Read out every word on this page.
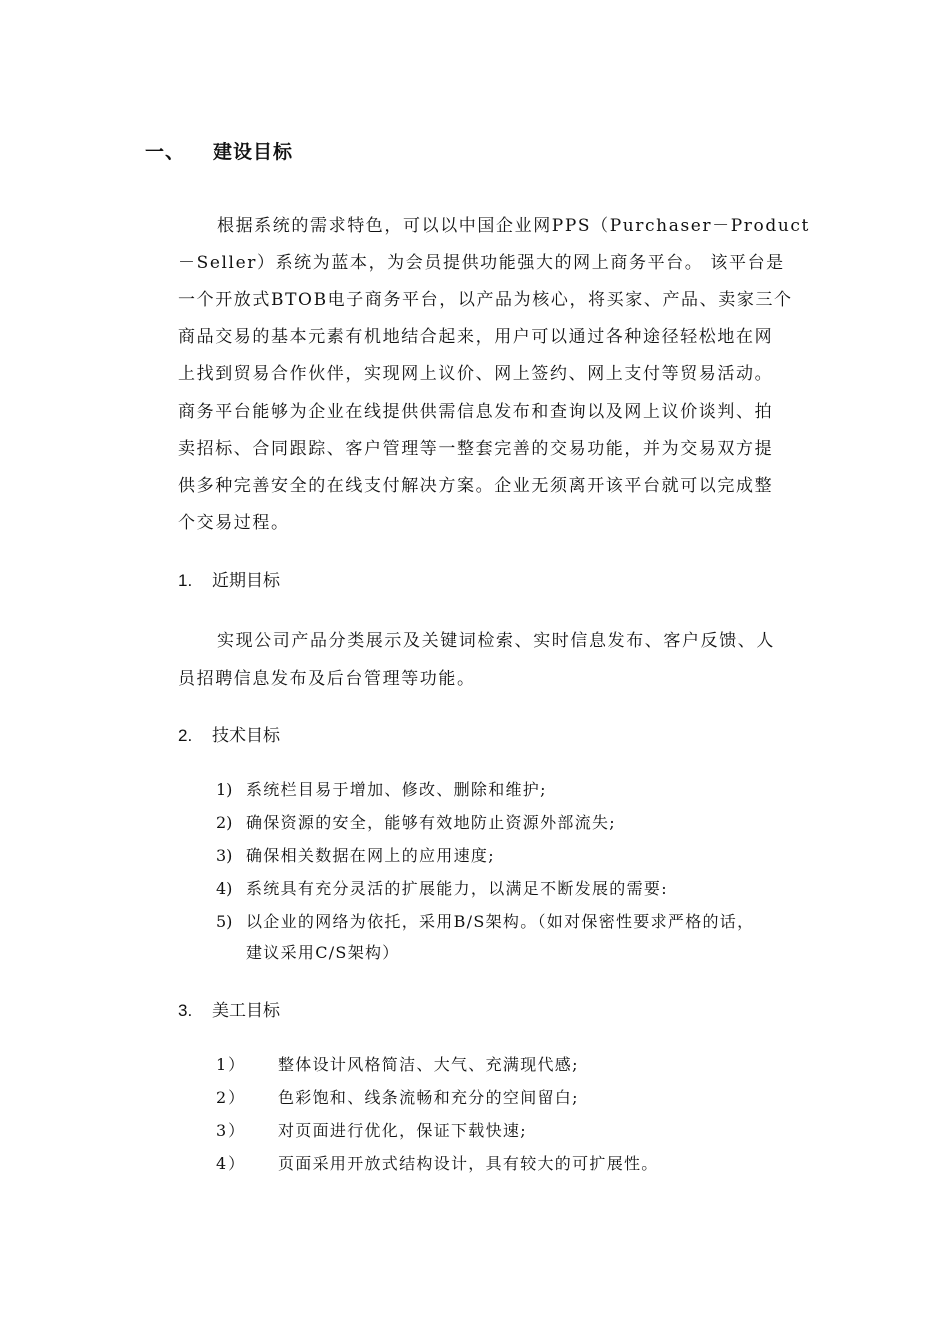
一、 建设目标
根据系统的需求特色，可以以中国企业网PPS（Purchaser－Product
－Seller）系统为蓝本，为会员提供功能强大的网上商务平台。 该平台是
一个开放式BTOB电子商务平台，以产品为核心，将买家、产品、卖家三个
商品交易的基本元素有机地结合起来，用户可以通过各种途径轻松地在网
上找到贸易合作伙伴，实现网上议价、网上签约、网上支付等贸易活动。
商务平台能够为企业在线提供供需信息发布和查询以及网上议价谈判、拍
卖招标、合同跟踪、客户管理等一整套完善的交易功能，并为交易双方提
供多种完善安全的在线支付解决方案。企业无须离开该平台就可以完成整
个交易过程。
1. 近期目标
实现公司产品分类展示及关键词检索、实时信息发布、客户反馈、人
员招聘信息发布及后台管理等功能。
2. 技术目标
1) 系统栏目易于增加、修改、删除和维护;
2) 确保资源的安全，能够有效地防止资源外部流失;
3) 确保相关数据在网上的应用速度;
4) 系统具有充分灵活的扩展能力，以满足不断发展的需要:
5) 以企业的网络为依托，采用B/S架构。（如对保密性要求严格的话，
建议采用C/S架构）
3. 美工目标
1） 整体设计风格简洁、大气、充满现代感;
2） 色彩饱和、线条流畅和充分的空间留白;
3） 对页面进行优化，保证下载快速;
4） 页面采用开放式结构设计，具有较大的可扩展性。
